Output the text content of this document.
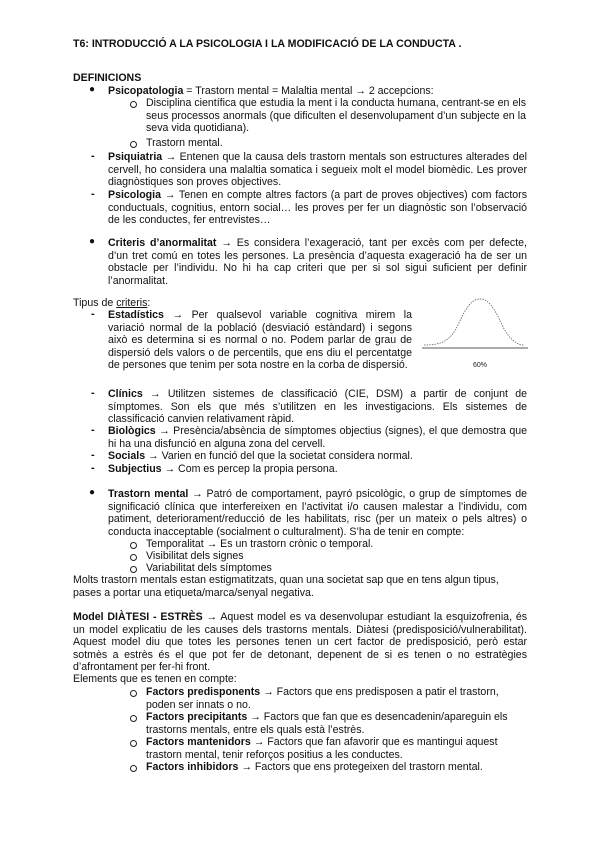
T6: INTRODUCCIÓ A LA PSICOLOGIA I LA MODIFICACIÓ DE LA CONDUCTA .
DEFINICIONS
● Psicopatologia = Trastorn mental = Malaltia mental → 2 accepcions:
Disciplina científica que estudia la ment i la conducta humana, centrant-se en els seus processos anormals (que dificulten el desenvolupament d’un subjecte en la seva vida quotidiana).
Trastorn mental.
- Psiquiatria → Entenen que la causa dels trastorn mentals son estructures alterades del cervell, ho considera una malaltia somatica i segueix molt el model biomèdic. Les prover diagnòstiques son proves objectives.
- Psicologia → Tenen en compte altres factors (a part de proves objectives) com factors conductuals, cognitius, entorn social… les proves per fer un diagnòstic son l’observació de les conductes, fer entrevistes…
● Criteris d’anormalitat → Es considera l’exageració, tant per excès com per defecte, d’un tret comú en totes les persones. La presència d’aquesta exageració ha de ser un obstacle per l’individu. No hi ha cap criteri que per si sol sigui suficient per definir l’anormalitat.
Tipus de criteris:
- Estadístics → Per qualsevol variable cognitiva mirem la variació normal de la població (desviació estàndard) i segons això es determina si es normal o no. Podem parlar de grau de dispersió dels valors o de percentils, que ens diu el percentatge de persones que tenim per sota nostre en la corba de dispersió.	60%
- Clínics → Utilitzen sistemes de classificació (CIE, DSM) a partir de conjunt de símptomes. Son els que més s’utilitzen en les investigacions. Els sistemes de classificació canvien relativament ràpid.
- Biològics → Presència/absència de símptomes objectius (signes), el que demostra que hi ha una disfunció en alguna zona del cervell.
- Socials → Varien en funció del que la societat considera normal.
- Subjectius → Com es percep la propia persona.
● Trastorn mental → Patró de comportament, payró psicològic, o grup de símptomes de significació clínica que interfereixen en l’activitat i/o causen malestar a l’individu, com patiment, deteriorament/reducció de les habilitats, risc (per un mateix o pels altres) o conducta inacceptable (socialment o culturalment). S’ha de tenir en compte:
Temporalitat → Es un trastorn crònic o temporal.
Visibilitat dels signes
Variabilitat dels símptomes
Molts trastorn mentals estan estigmatitzats, quan una societat sap que en tens algun tipus, pases a portar una etiqueta/marca/senyal negativa.
Model DIÀTESI - ESTRÈS → Aquest model es va desenvolupar estudiant la esquizofrenia, és un model explicatiu de les causes dels trastorns mentals. Diàtesi (predisposició/vulnerabilitat). Aquest model diu que totes les persones tenen un cert factor de predisposició, però estar sotmès a estrès és el que pot fer de detonant, depenent de si es tenen o no estratègies d’afrontament per fer-hi front.
Elements que es tenen en compte:
Factors predisponents → Factors que ens predisposen a patir el trastorn, poden ser innats o no.
Factors precipitants → Factors que fan que es desencadenin/apareguin els trastorns mentals, entre els quals està l’estrès.
Factors mantenidors → Factors que fan afavorir que es mantingui aquest trastorn mental, tenir reforços positius a les conductes.
Factors inhibidors → Factors que ens protegeixen del trastorn mental.
